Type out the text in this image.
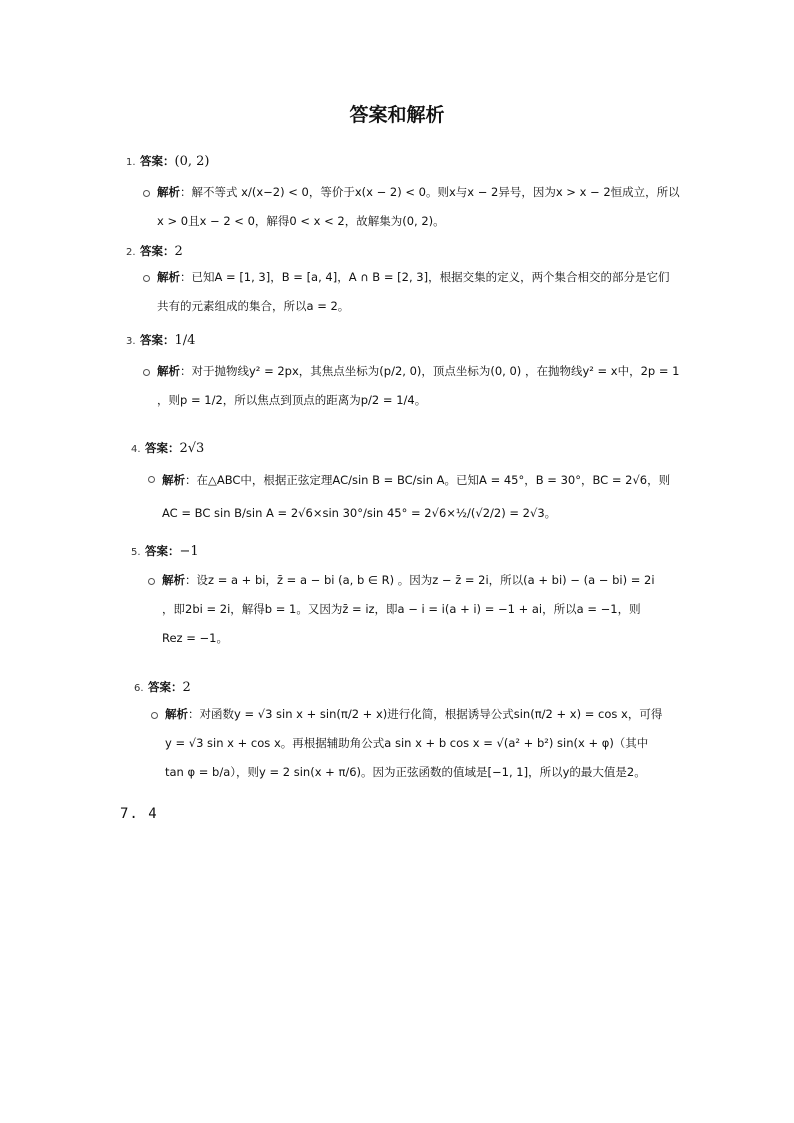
答案和解析
1. 答案：(0, 2)
解析：解不等式 x/(x−2) < 0，等价于x(x − 2) < 0。则x与x − 2异号，因为x > x − 2恒成立，所以
x > 0且x − 2 < 0，解得0 < x < 2，故解集为(0, 2)。
2. 答案：2
解析：已知A = [1, 3]，B = [a, 4]，A ∩ B = [2, 3]，根据交集的定义，两个集合相交的部分是它们
共有的元素组成的集合，所以a = 2。
3. 答案：1/4
解析：对于抛物线y² = 2px，其焦点坐标为(p/2, 0)，顶点坐标为(0, 0) ，在抛物线y² = x中，2p = 1
，则p = 1/2，所以焦点到顶点的距离为p/2 = 1/4。
4. 答案：2√3
解析：在△ABC中，根据正弦定理AC/sin B = BC/sin A。已知A = 45°，B = 30°，BC = 2√6，则
AC = BC sin B/sin A = 2√6×sin 30°/sin 45° = 2√6×½/(√2/2) = 2√3。
5. 答案：−1
解析：设z = a + bi，z̄ = a − bi (a, b ∈ R) 。因为z − z̄ = 2i，所以(a + bi) − (a − bi) = 2i
，即2bi = 2i，解得b = 1。又因为z̄ = iz，即a − i = i(a + i) = −1 + ai，所以a = −1，则
Rez = −1。
6. 答案：2
解析：对函数y = √3 sin x + sin(π/2 + x)进行化简，根据诱导公式sin(π/2 + x) = cos x，可得
y = √3 sin x + cos x。再根据辅助角公式a sin x + b cos x = √(a² + b²) sin(x + φ)（其中
tan φ = b/a），则y = 2 sin(x + π/6)。因为正弦函数的值域是[−1, 1]，所以y的最大值是2。
7. 4
